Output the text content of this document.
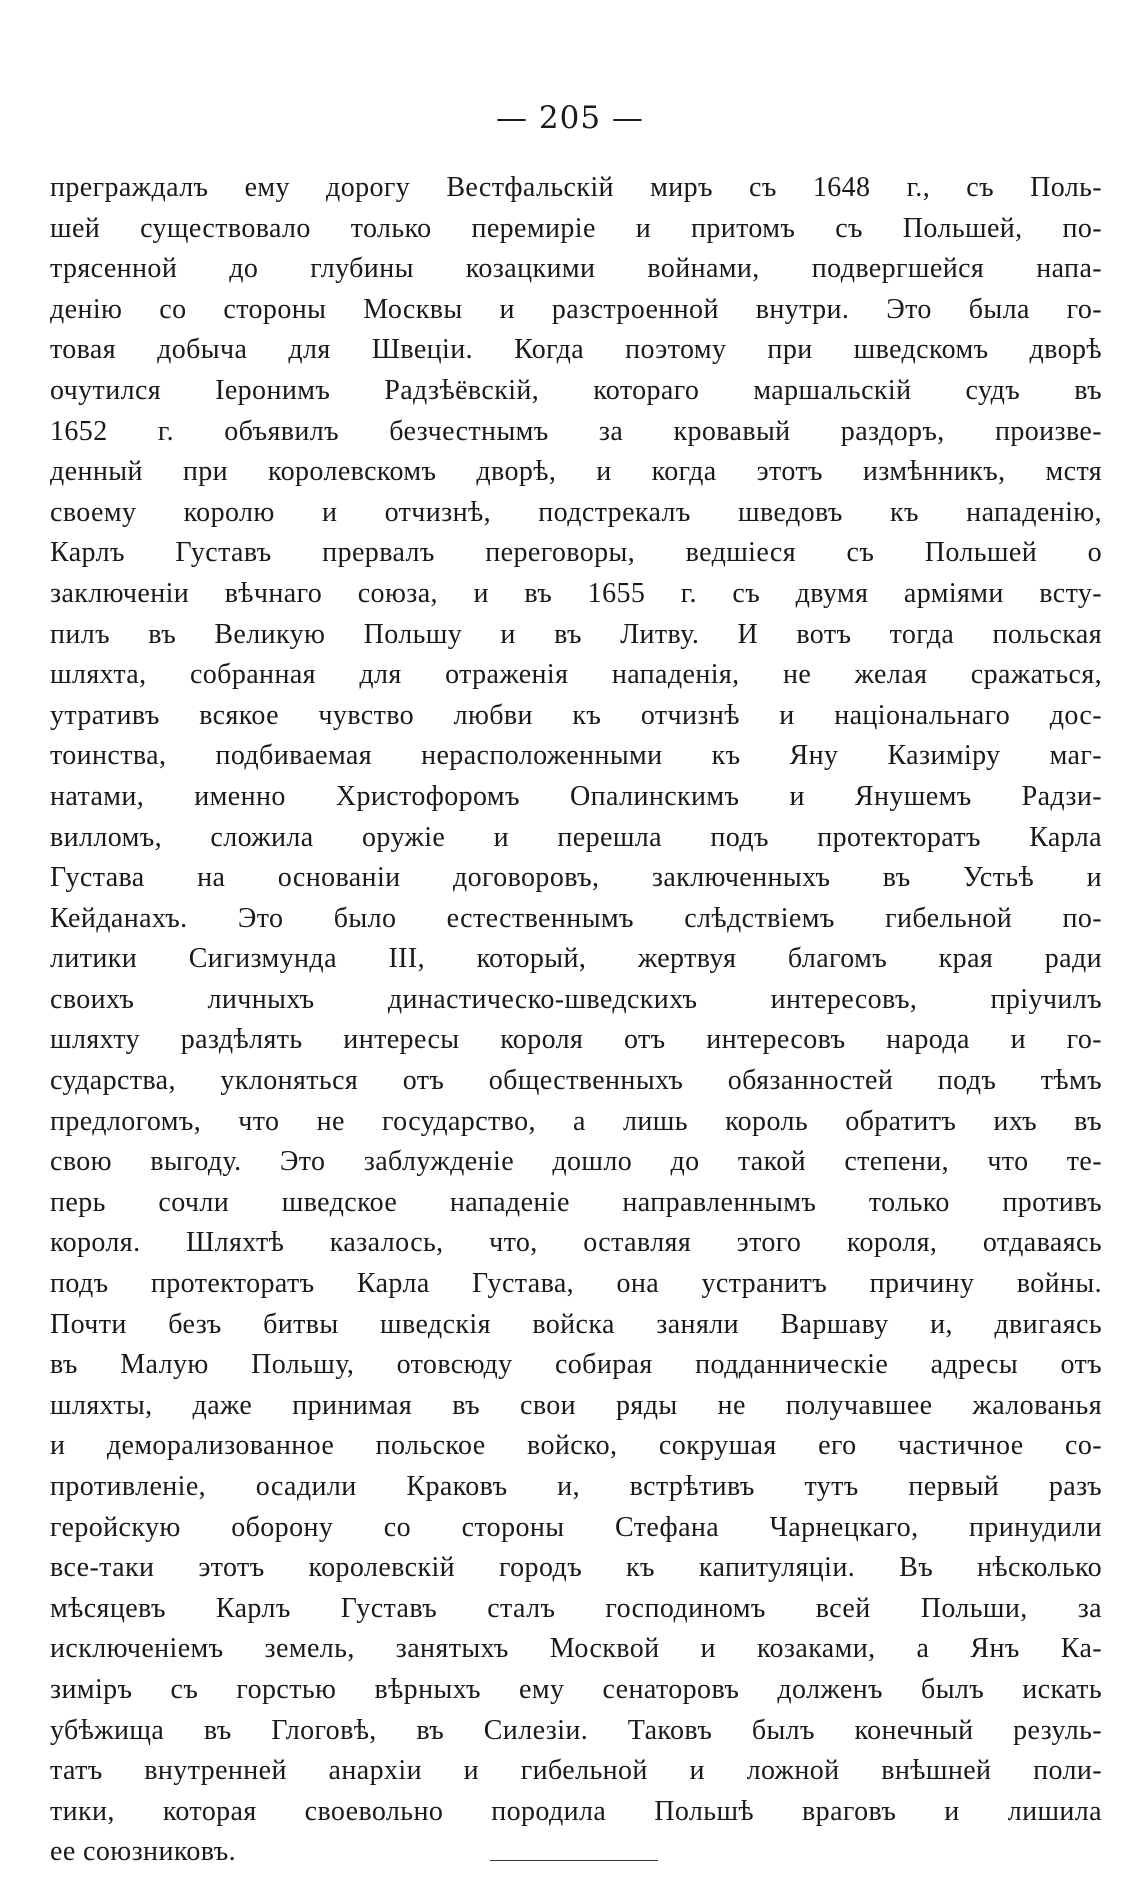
— 205 —
преграждалъ ему дорогу Вестфальскій миръ съ 1648 г., съ Поль-
шей существовало только перемиріе и притомъ съ Польшей, по-
трясенной до глубины козацкими войнами, подвергшейся напа-
денію со стороны Москвы и разстроенной внутри. Это была го-
товая добыча для Швеціи. Когда поэтому при шведскомъ дворѣ
очутился Іеронимъ Радзѣёвскій, котораго маршальскій судъ въ
1652 г. объявилъ безчестнымъ за кровавый раздоръ, произве-
денный при королевскомъ дворѣ, и когда этотъ измѣнникъ, мстя
своему королю и отчизнѣ, подстрекалъ шведовъ къ нападенію,
Карлъ Густавъ прервалъ переговоры, ведшіеся съ Польшей о
заключеніи вѣчнаго союза, и въ 1655 г. съ двумя арміями всту-
пилъ въ Великую Польшу и въ Литву. И вотъ тогда польская
шляхта, собранная для отраженія нападенія, не желая сражаться,
утративъ всякое чувство любви къ отчизнѣ и національнаго дос-
тоинства, подбиваемая нерасположенными къ Яну Казиміру маг-
натами, именно Христофоромъ Опалинскимъ и Янушемъ Радзи-
вилломъ, сложила оружіе и перешла подъ протекторатъ Карла
Густава на основаніи договоровъ, заключенныхъ въ Устьѣ и
Кейданахъ. Это было естественнымъ слѣдствіемъ гибельной по-
литики Сигизмунда III, который, жертвуя благомъ края ради
своихъ личныхъ династическо-шведскихъ интересовъ, пріучилъ
шляхту раздѣлять интересы короля отъ интересовъ народа и го-
сударства, уклоняться отъ общественныхъ обязанностей подъ тѣмъ
предлогомъ, что не государство, а лишь король обратитъ ихъ въ
свою выгоду. Это заблужденіе дошло до такой степени, что те-
перь сочли шведское нападеніе направленнымъ только противъ
короля. Шляхтѣ казалось, что, оставляя этого короля, отдаваясь
подъ протекторатъ Карла Густава, она устранитъ причину войны.
Почти безъ битвы шведскія войска заняли Варшаву и, двигаясь
въ Малую Польшу, отовсюду собирая подданническіе адресы отъ
шляхты, даже принимая въ свои ряды не получавшее жалованья
и деморализованное польское войско, сокрушая его частичное со-
противленіе, осадили Краковъ и, встрѣтивъ тутъ первый разъ
геройскую оборону со стороны Стефана Чарнецкаго, принудили
все-таки этотъ королевскій городъ къ капитуляціи. Въ нѣсколько
мѣсяцевъ Карлъ Густавъ сталъ господиномъ всей Польши, за
исключеніемъ земель, занятыхъ Москвой и козаками, а Янъ Ка-
зиміръ съ горстью вѣрныхъ ему сенаторовъ долженъ былъ искать
убѣжища въ Глоговѣ, въ Силезіи. Таковъ былъ конечный резуль-
татъ внутренней анархіи и гибельной и ложной внѣшней поли-
тики, которая своевольно породила Польшѣ враговъ и лишила
ее союзниковъ.
